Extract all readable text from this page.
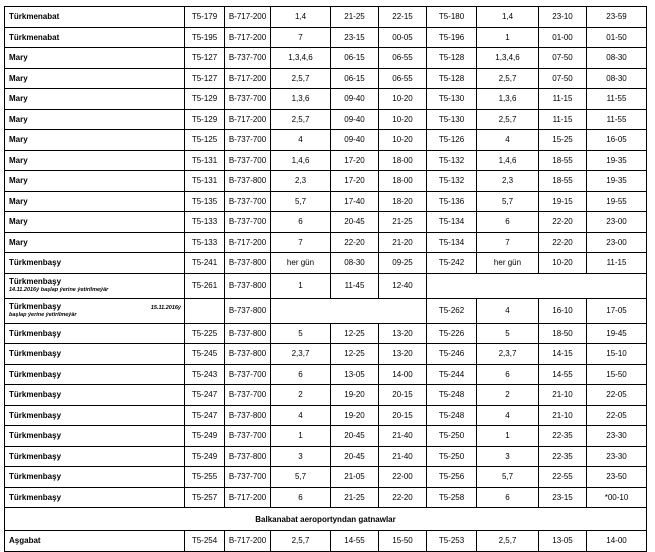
Türkmenabat	T5-179	B-717-200	1,4	21-25	22-15	T5-180	1,4	23-10	23-59
Türkmenabat	T5-195	B-717-200	7	23-15	00-05	T5-196	1	01-00	01-50
Mary	T5-127	B-737-700	1,3,4,6	06-15	06-55	T5-128	1,3,4,6	07-50	08-30
Mary	T5-127	B-717-200	2,5,7	06-15	06-55	T5-128	2,5,7	07-50	08-30
Mary	T5-129	B-737-700	1,3,6	09-40	10-20	T5-130	1,3,6	11-15	11-55
Mary	T5-129	B-717-200	2,5,7	09-40	10-20	T5-130	2,5,7	11-15	11-55
Mary	T5-125	B-737-700	4	09-40	10-20	T5-126	4	15-25	16-05
Mary	T5-131	B-737-700	1,4,6	17-20	18-00	T5-132	1,4,6	18-55	19-35
Mary	T5-131	B-737-800	2,3	17-20	18-00	T5-132	2,3	18-55	19-35
Mary	T5-135	B-737-700	5,7	17-40	18-20	T5-136	5,7	19-15	19-55
Mary	T5-133	B-737-700	6	20-45	21-25	T5-134	6	22-20	23-00
Mary	T5-133	B-717-200	7	22-20	21-20	T5-134	7	22-20	23-00
Türkmenbaşy	T5-241	B-737-800	her gün	08-30	09-25	T5-242	her gün	10-20	11-15

Türkmenbaşy
14.11.2016ý başlap ýerine ýetirilmeýär	T5-261	B-737-800	1	11-45	12-40				

Türkmenbaşy 15.11.2016ý
başlap ýerine ýetirilmeýär		B-737-800				T5-262	4	16-10	17-05
Türkmenbaşy	T5-225	B-737-800	5	12-25	13-20	T5-226	5	18-50	19-45
Türkmenbaşy	T5-245	B-737-800	2,3,7	12-25	13-20	T5-246	2,3,7	14-15	15-10
Türkmenbaşy	T5-243	B-737-700	6	13-05	14-00	T5-244	6	14-55	15-50
Türkmenbaşy	T5-247	B-737-700	2	19-20	20-15	T5-248	2	21-10	22-05
Türkmenbaşy	T5-247	B-737-800	4	19-20	20-15	T5-248	4	21-10	22-05
Türkmenbaşy	T5-249	B-737-700	1	20-45	21-40	T5-250	1	22-35	23-30
Türkmenbaşy	T5-249	B-737-800	3	20-45	21-40	T5-250	3	22-35	23-30
Türkmenbaşy	T5-255	B-737-700	5,7	21-05	22-00	T5-256	5,7	22-55	23-50
Türkmenbaşy	T5-257	B-717-200	6	21-25	22-20	T5-258	6	23-15	*00-10
Balkanabat aeroportyndan gatnawlar									
Aşgabat	T5-254	B-717-200	2,5,7	14-55	15-50	T5-253	2,5,7	13-05	14-00
